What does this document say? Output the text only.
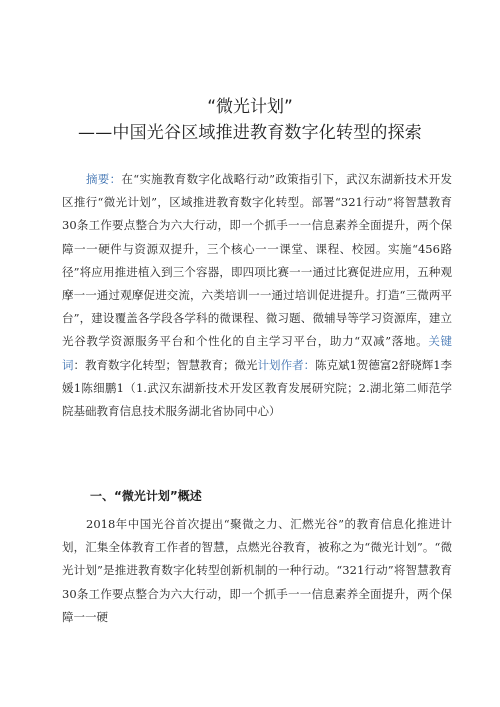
“微光计划”
——中国光谷区域推进教育数字化转型的探索
摘要：在“实施教育数字化战略行动”政策指引下，武汉东湖新技术开发区推行“微光计划”，区域推进教育数字化转型。部署“321行动”将智慧教育30条工作要点整合为六大行动，即一个抓手一一信息素养全面提升，两个保障一一硬件与资源双提升，三个核心一一课堂、课程、校园。实施“456路径”将应用推进植入到三个容器，即四项比赛一一通过比赛促进应用，五种观摩一一通过观摩促进交流，六类培训一一通过培训促进提升。打造“三微两平台”，建设覆盖各学段各学科的微课程、微习题、微辅导等学习资源库，建立光谷教学资源服务平台和个性化的自主学习平台，助力“双减”落地。关键词：教育数字化转型；智慧教育；微光计划作者：陈克斌1贺德富2舒晓辉1李媛1陈细鹏1（1.武汉东湖新技术开发区教育发展研究院；2.湖北第二师范学院基础教育信息技术服务湖北省协同中心）
一、“微光计划”概述
2018年中国光谷首次提出“聚微之力、汇燃光谷”的教育信息化推进计划，汇集全体教育工作者的智慧，点燃光谷教育，被称之为“微光计划”。“微光计划”是推进教育数字化转型创新机制的一种行动。“321行动”将智慧教育30条工作要点整合为六大行动，即一个抓手一一信息素养全面提升，两个保障一一硬
